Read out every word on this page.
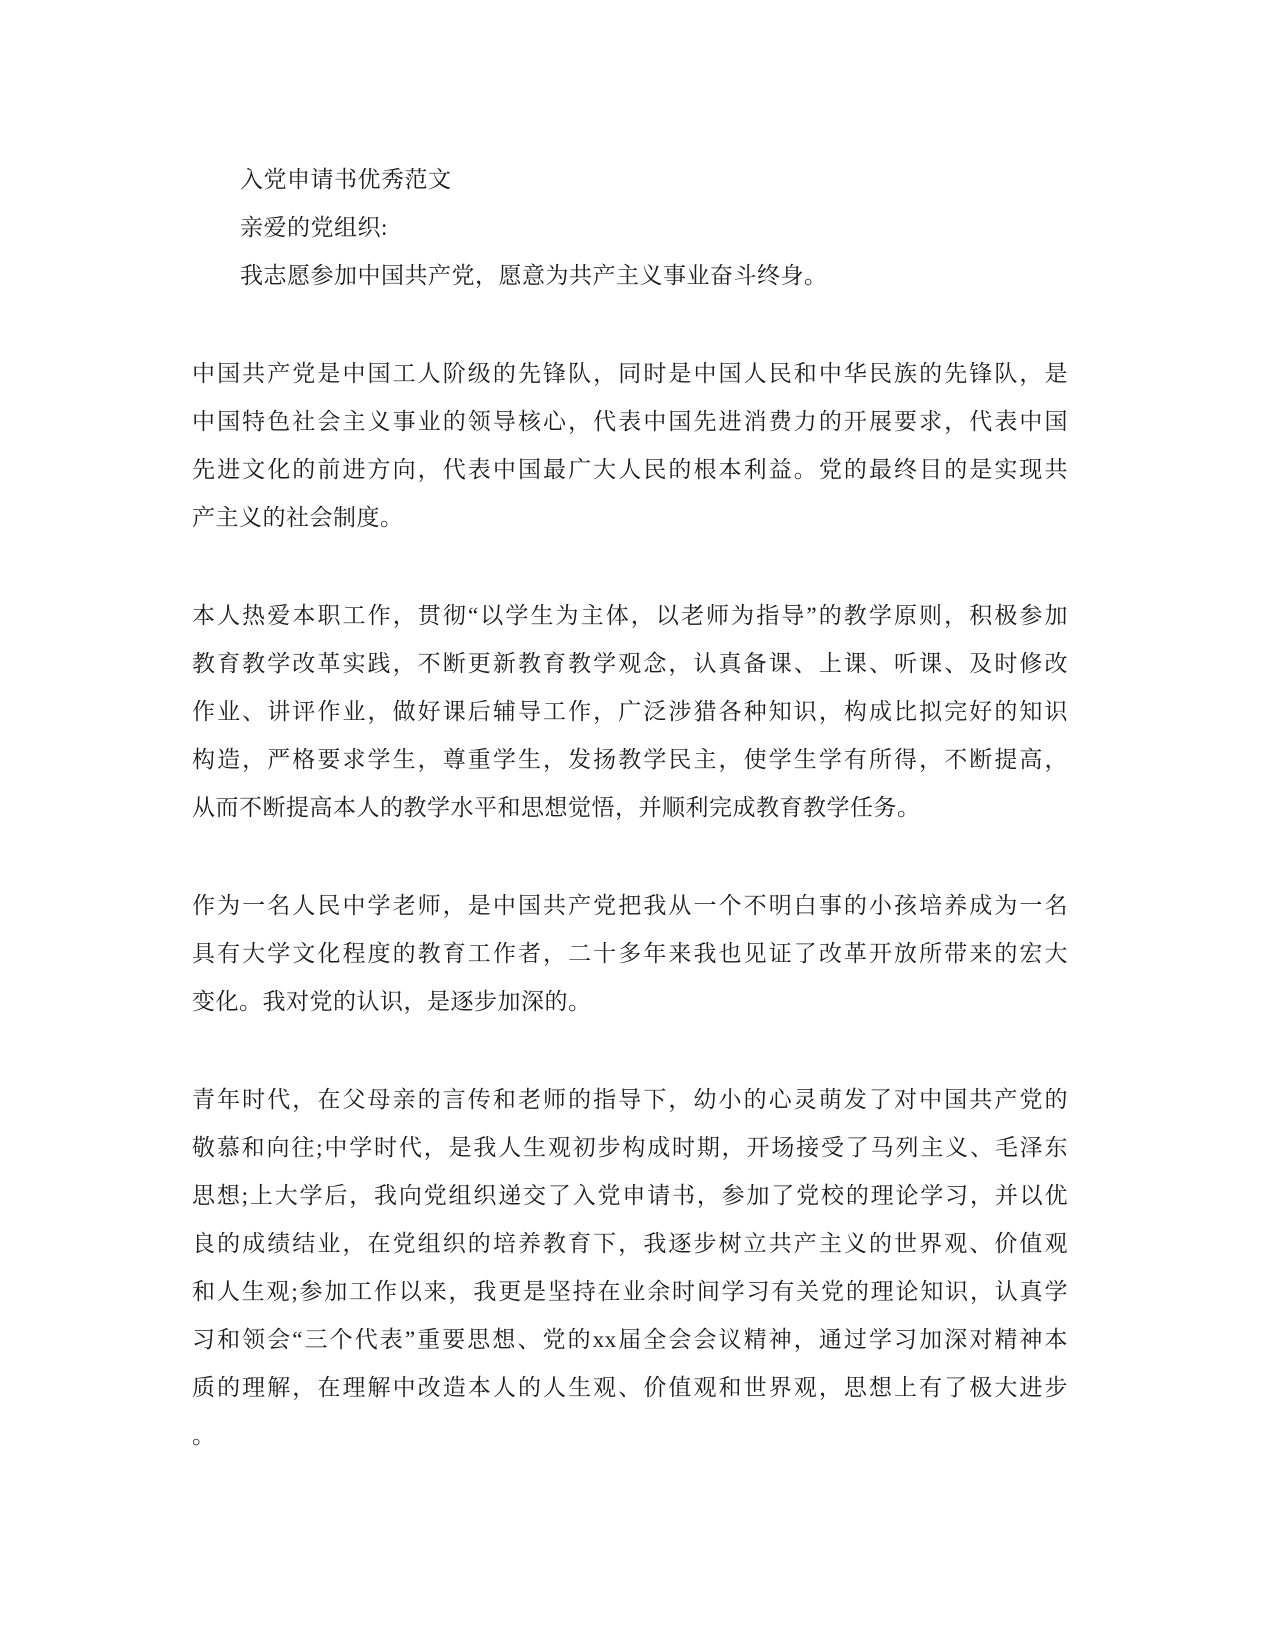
入党申请书优秀范文
亲爱的党组织:
我志愿参加中国共产党，愿意为共产主义事业奋斗终身。
中国共产党是中国工人阶级的先锋队，同时是中国人民和中华民族的先锋队，是
中国特色社会主义事业的领导核心，代表中国先进消费力的开展要求，代表中国
先进文化的前进方向，代表中国最广大人民的根本利益。党的最终目的是实现共
产主义的社会制度。
本人热爱本职工作，贯彻“以学生为主体，以老师为指导”的教学原则，积极参加
教育教学改革实践，不断更新教育教学观念，认真备课、上课、听课、及时修改
作业、讲评作业，做好课后辅导工作，广泛涉猎各种知识，构成比拟完好的知识
构造，严格要求学生，尊重学生，发扬教学民主，使学生学有所得，不断提高，
从而不断提高本人的教学水平和思想觉悟，并顺利完成教育教学任务。
作为一名人民中学老师，是中国共产党把我从一个不明白事的小孩培养成为一名
具有大学文化程度的教育工作者，二十多年来我也见证了改革开放所带来的宏大
变化。我对党的认识，是逐步加深的。
青年时代，在父母亲的言传和老师的指导下，幼小的心灵萌发了对中国共产党的
敬慕和向往;中学时代，是我人生观初步构成时期，开场接受了马列主义、毛泽东
思想;上大学后，我向党组织递交了入党申请书，参加了党校的理论学习，并以优
良的成绩结业，在党组织的培养教育下，我逐步树立共产主义的世界观、价值观
和人生观;参加工作以来，我更是坚持在业余时间学习有关党的理论知识，认真学
习和领会“三个代表”重要思想、党的xx届全会会议精神，通过学习加深对精神本
质的理解，在理解中改造本人的人生观、价值观和世界观，思想上有了极大进步
。
